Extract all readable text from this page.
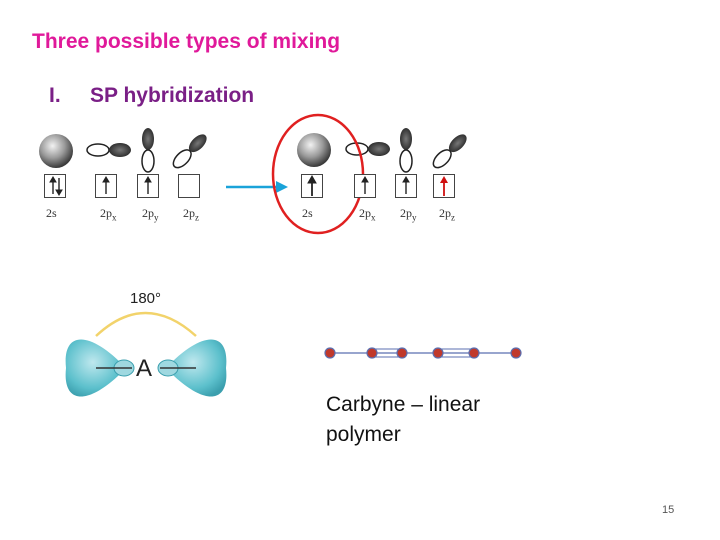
Three possible types of mixing
I. SP hybridization
2s	$2p_x$ $2p_y$ $2p_z$	2s	$2p_x$ $2p_y$ $2p_z$
180°
A
Carbyne – linear
polymer
15
